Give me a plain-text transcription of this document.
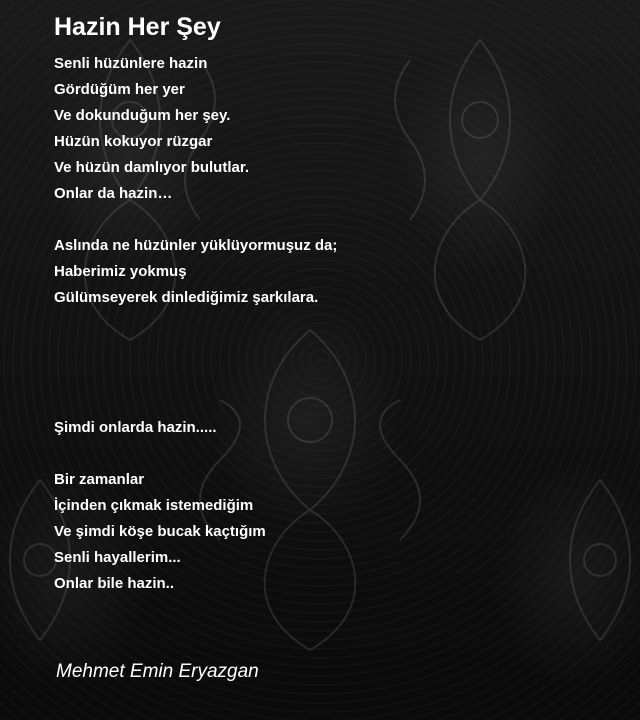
Hazin Her Şey
Senli hüzünlere hazin
Gördüğüm her yer
Ve dokunduğum her şey.
Hüzün kokuyor rüzgar
Ve hüzün damlıyor bulutlar.
Onlar da hazin…
Aslında ne hüzünler yüklüyormuşuz da;
Haberimiz yokmuş
Gülümseyerek dinlediğimiz şarkılara.
Şimdi onlarda hazin.....
Bir zamanlar
İçinden çıkmak istemediğim
Ve şimdi köşe bucak kaçtığım
Senli hayallerim...
Onlar bile hazin..
Mehmet Emin Eryazgan
